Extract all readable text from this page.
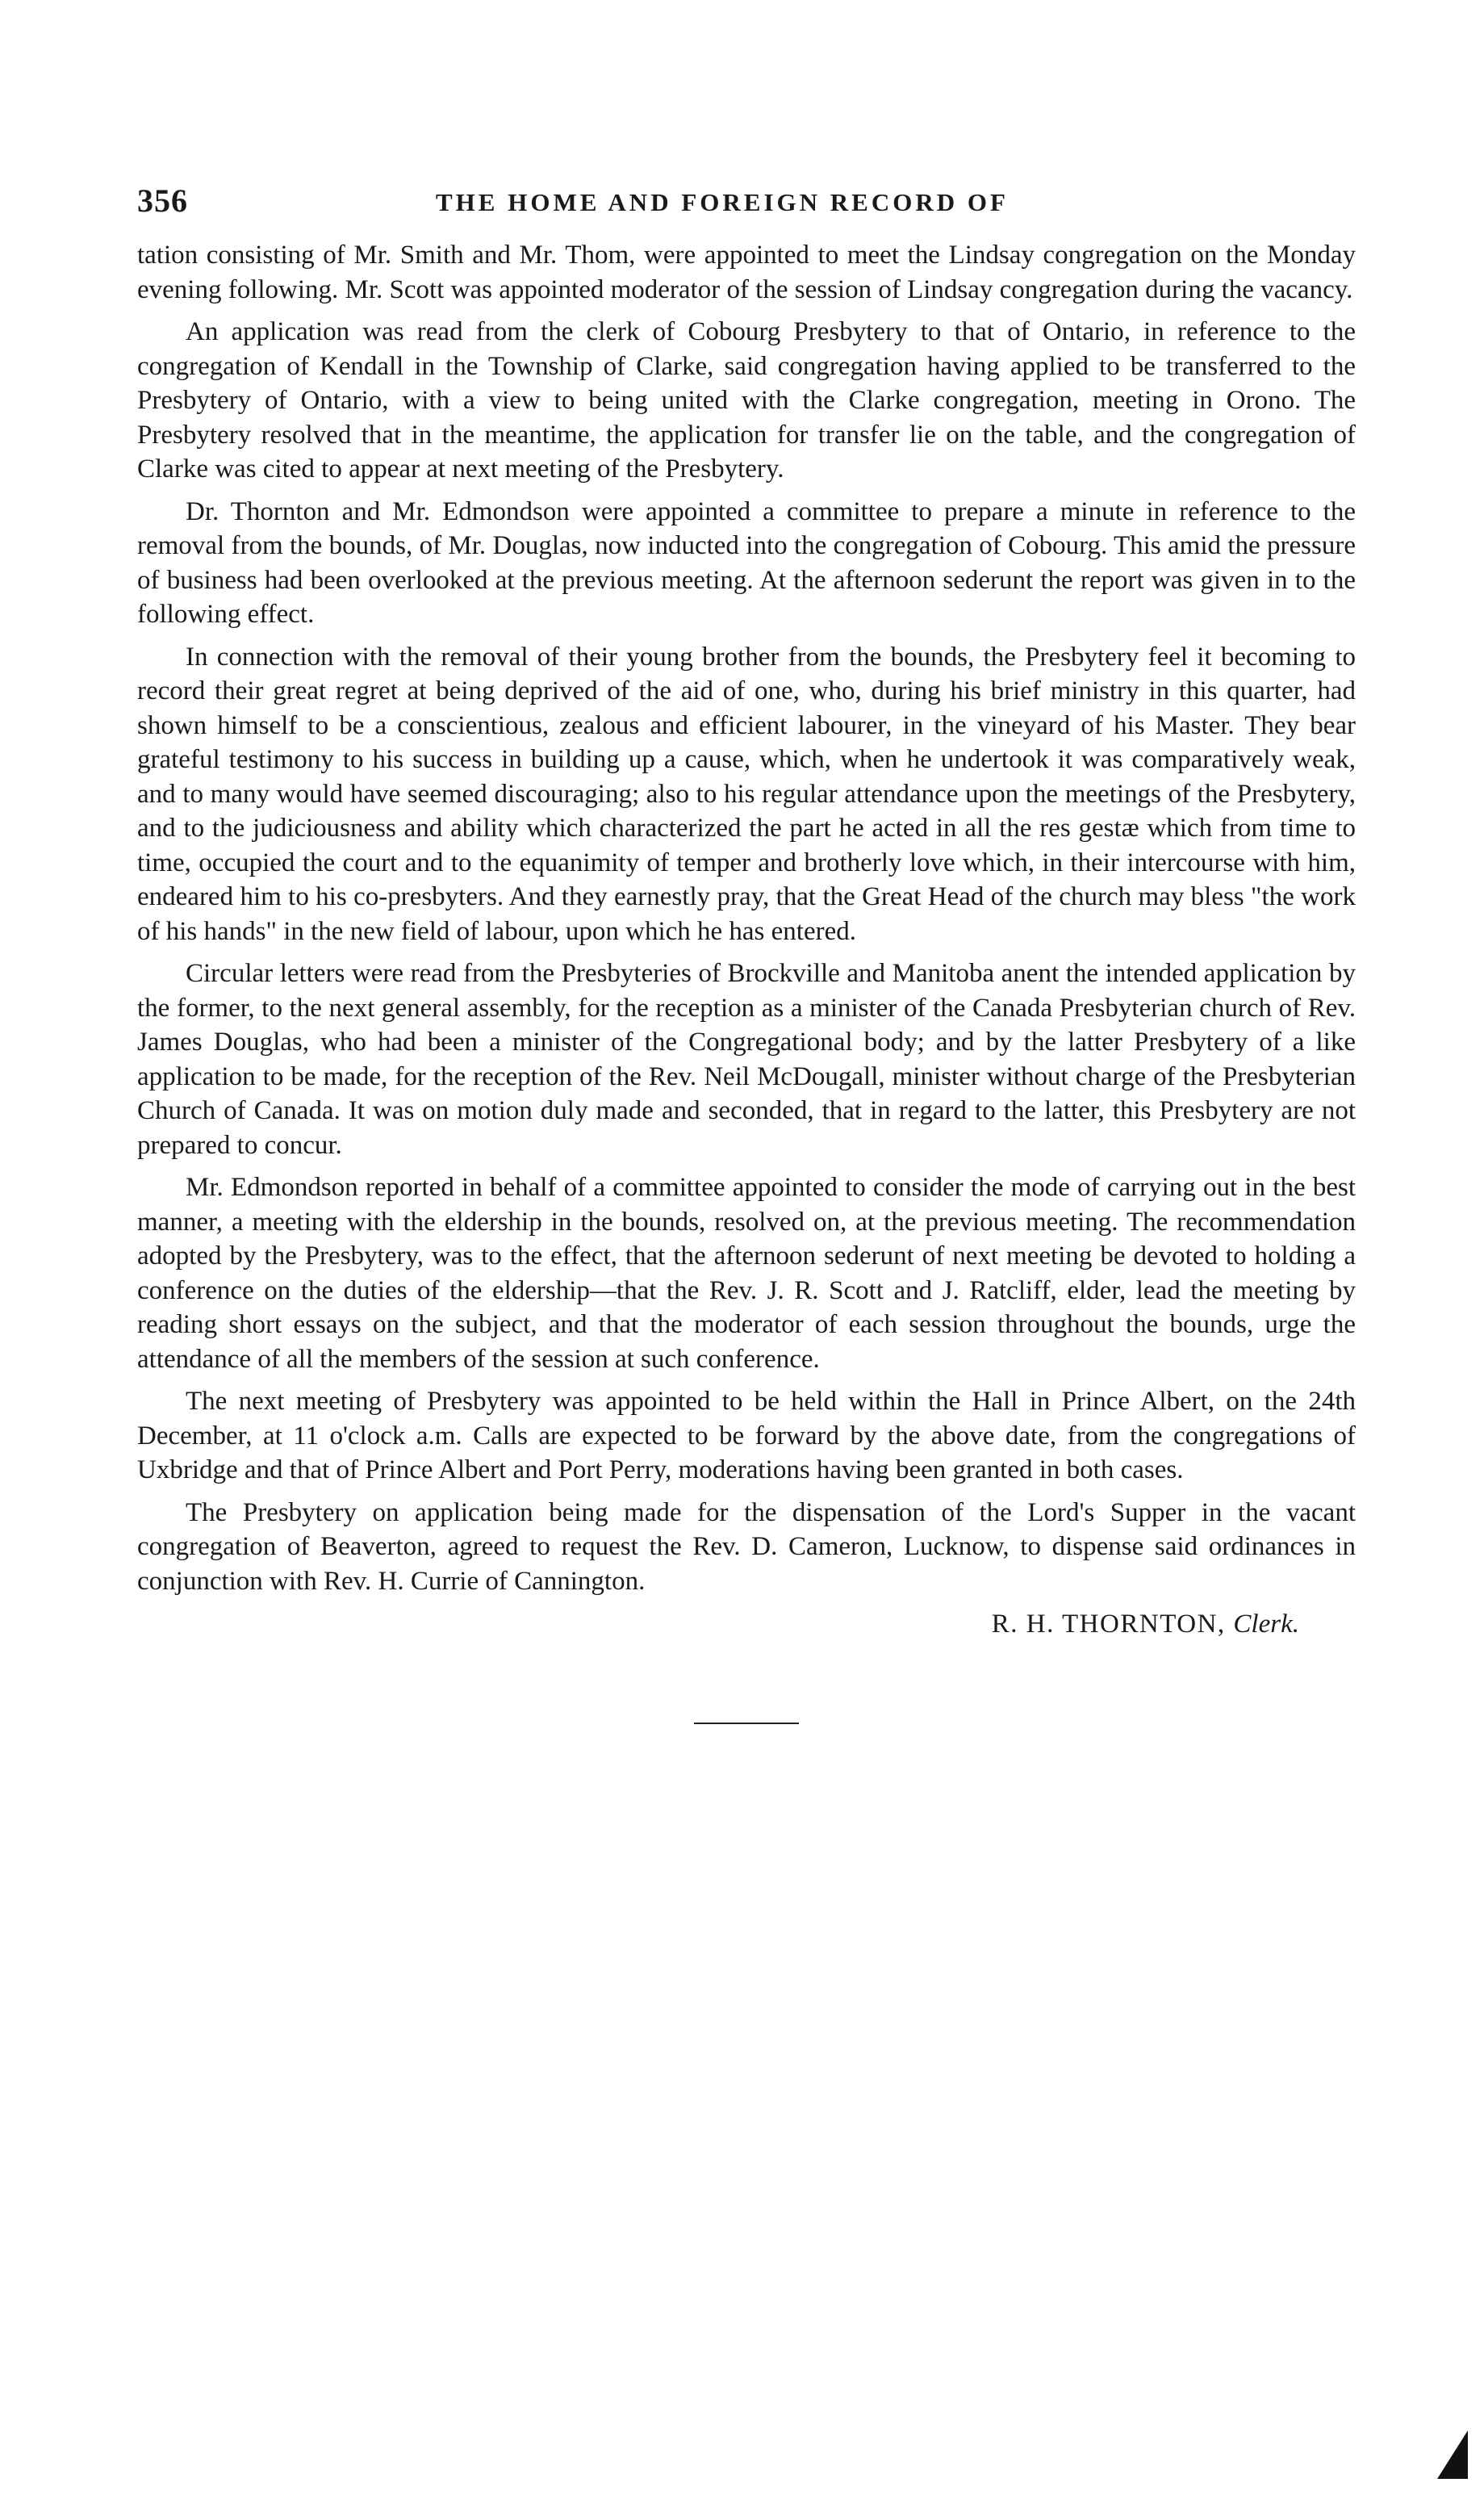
356	THE HOME AND FOREIGN RECORD OF

tation consisting of Mr. Smith and Mr. Thom, were appointed to meet the Lindsay congregation on the Monday evening following. Mr. Scott was appointed moderator of the session of Lindsay congregation during the vacancy.

An application was read from the clerk of Cobourg Presbytery to that of Ontario, in reference to the congregation of Kendall in the Township of Clarke, said congregation having applied to be transferred to the Presbytery of Ontario, with a view to being united with the Clarke congregation, meeting in Orono. The Presbytery resolved that in the meantime, the application for transfer lie on the table, and the congregation of Clarke was cited to appear at next meeting of the Presbytery.

Dr. Thornton and Mr. Edmondson were appointed a committee to prepare a minute in reference to the removal from the bounds, of Mr. Douglas, now inducted into the congregation of Cobourg. This amid the pressure of business had been overlooked at the previous meeting. At the afternoon sederunt the report was given in to the following effect.

In connection with the removal of their young brother from the bounds, the Presbytery feel it becoming to record their great regret at being deprived of the aid of one, who, during his brief ministry in this quarter, had shown himself to be a conscientious, zealous and efficient labourer, in the vineyard of his Master. They bear grateful testimony to his success in building up a cause, which, when he undertook it was comparatively weak, and to many would have seemed discouraging; also to his regular attendance upon the meetings of the Presbytery, and to the judiciousness and ability which characterized the part he acted in all the res gestæ which from time to time, occupied the court and to the equanimity of temper and brotherly love which, in their intercourse with him, endeared him to his co-presbyters. And they earnestly pray, that the Great Head of the church may bless "the work of his hands" in the new field of labour, upon which he has entered.

Circular letters were read from the Presbyteries of Brockville and Manitoba anent the intended application by the former, to the next general assembly, for the reception as a minister of the Canada Presbyterian church of Rev. James Douglas, who had been a minister of the Congregational body; and by the latter Presbytery of a like application to be made, for the reception of the Rev. Neil McDougall, minister without charge of the Presbyterian Church of Canada. It was on motion duly made and seconded, that in regard to the latter, this Presbytery are not prepared to concur.

Mr. Edmondson reported in behalf of a committee appointed to consider the mode of carrying out in the best manner, a meeting with the eldership in the bounds, resolved on, at the previous meeting. The recommendation adopted by the Presbytery, was to the effect, that the afternoon sederunt of next meeting be devoted to holding a conference on the duties of the eldership—that the Rev. J. R. Scott and J. Ratcliff, elder, lead the meeting by reading short essays on the subject, and that the moderator of each session throughout the bounds, urge the attendance of all the members of the session at such conference.

The next meeting of Presbytery was appointed to be held within the Hall in Prince Albert, on the 24th December, at 11 o'clock a.m. Calls are expected to be forward by the above date, from the congregations of Uxbridge and that of Prince Albert and Port Perry, moderations having been granted in both cases.

The Presbytery on application being made for the dispensation of the Lord's Supper in the vacant congregation of Beaverton, agreed to request the Rev. D. Cameron, Lucknow, to dispense said ordinances in conjunction with Rev. H. Currie of Cannington.

R. H. THORNTON, Clerk.
